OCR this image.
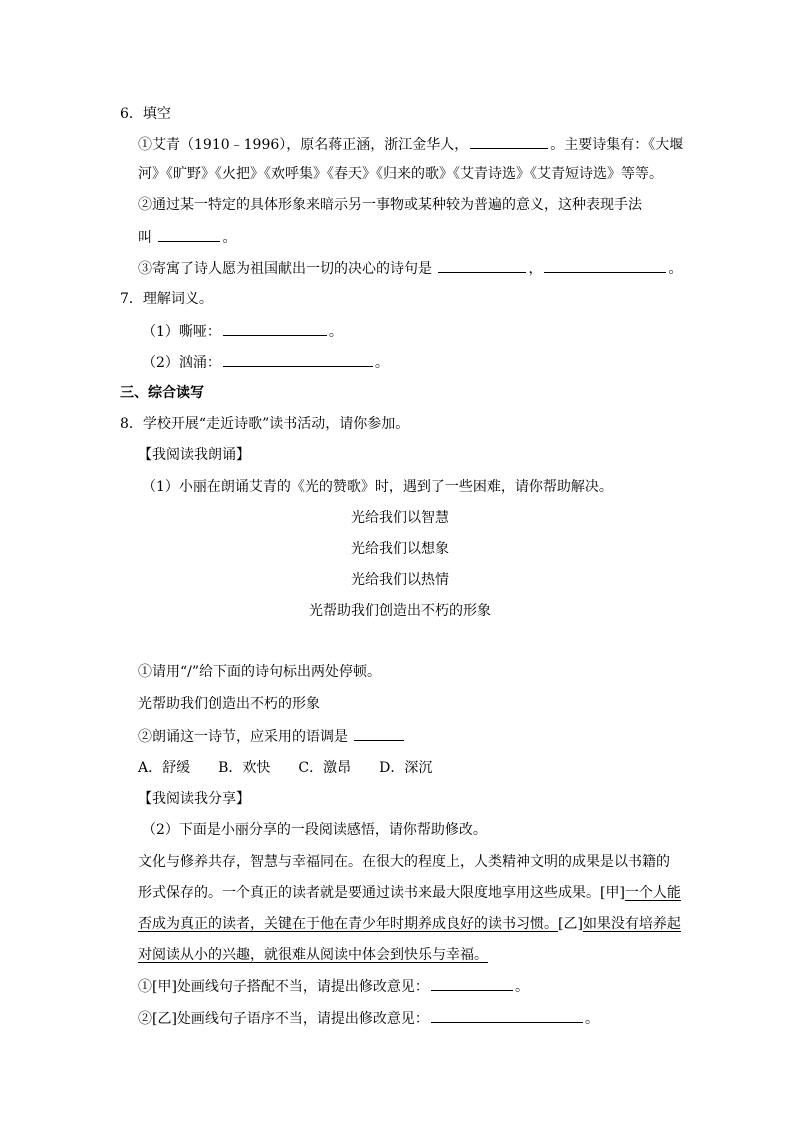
6．填空
①艾青（1910﹣1996），原名蒋正涵，浙江金华人，	。主要诗集有：《大堰
河》《旷野》《火把》《欢呼集》《春天》《归来的歌》《艾青诗选》《艾青短诗选》等等。
②通过某一特定的具体形象来暗示另一事物或某种较为普遍的意义，这种表现手法
叫	。
③寄寓了诗人愿为祖国献出一切的决心的诗句是	，	。
7．理解词义。
（1）嘶哑：	。
（2）汹涌：	。
三、综合读写
8．学校开展“走近诗歌”读书活动，请你参加。
【我阅读我朗诵】
（1）小丽在朗诵艾青的《光的赞歌》时，遇到了一些困难，请你帮助解决。
光给我们以智慧
光给我们以想象
光给我们以热情
光帮助我们创造出不朽的形象
①请用“/”给下面的诗句标出两处停顿。
光帮助我们创造出不朽的形象
②朗诵这一诗节，应采用的语调是
A．舒缓 B．欢快 C．激昂 D．深沉
【我阅读我分享】
（2）下面是小丽分享的一段阅读感悟，请你帮助修改。
文化与修养共存，智慧与幸福同在。在很大的程度上，人类精神文明的成果是以书籍的
形式保存的。一个真正的读者就是要通过读书来最大限度地享用这些成果。[甲]一个人能
否成为真正的读者，关键在于他在青少年时期养成良好的读书习惯。[乙]如果没有培养起
对阅读从小的兴趣，就很难从阅读中体会到快乐与幸福。
①[甲]处画线句子搭配不当，请提出修改意见：	。
②[乙]处画线句子语序不当，请提出修改意见：	。
